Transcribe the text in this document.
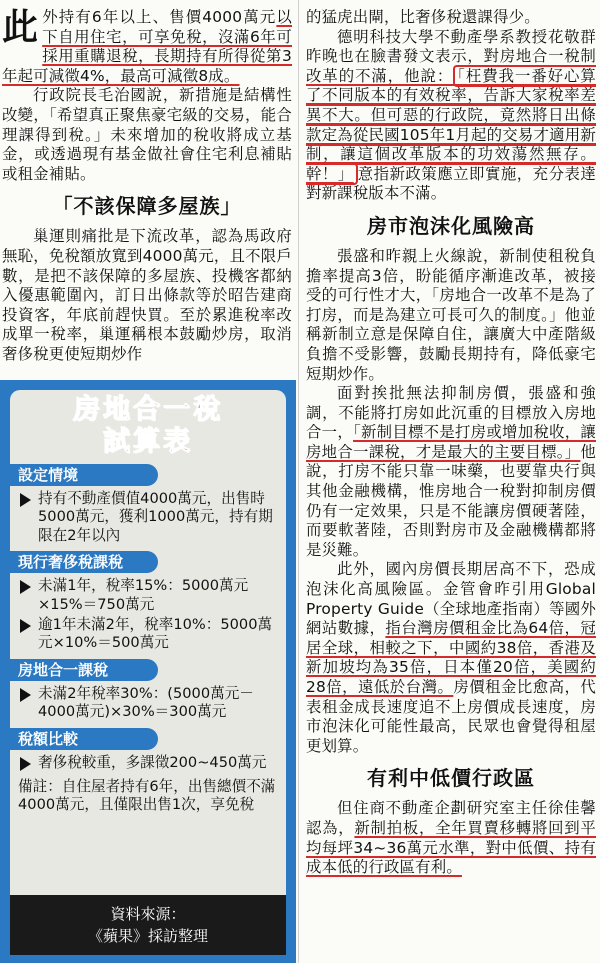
此外持有6年以上、售價4000萬元以下自用住宅，可享免稅，沒滿6年可採用重購退稅，長期持有所得從第3年起可減徵4%，最高可減徵8成。

行政院長毛治國說，新措施是結構性改變，「希望真正聚焦豪宅級的交易，能合理課得到稅。」未來增加的稅收將成立基金，或透過現有基金做社會住宅利息補貼或租金補貼。

「不該保障多屋族」

巢運則痛批是下流改革，認為馬政府無恥，免稅額放寬到4000萬元，且不限戶數，是把不該保障的多屋族、投機客都納入優惠範圍內，訂日出條款等於昭告建商投資客，年底前趕快買。至於累進稅率改成單一稅率，巢運稱根本鼓勵炒房，取消奢侈稅更使短期炒作

房地合一稅
試算表
設定情境
持有不動產價值4000萬元，出售時5000萬元，獲利1000萬元，持有期限在2年以內
現行奢侈稅課稅
未滿1年，稅率15%：5000萬元×15%＝750萬元
逾1年未滿2年，稅率10%：5000萬元×10%＝500萬元
房地合一課稅
未滿2年稅率30%：(5000萬元－4000萬元)×30%＝300萬元
稅額比較
奢侈稅較重，多課徵200~450萬元
備註：自住屋者持有6年，出售總價不滿4000萬元，且僅限出售1次，享免稅
資料來源：
《蘋果》採訪整理

的猛虎出閘，比奢侈稅還課得少。

德明科技大學不動產學系教授花敬群昨晚也在臉書發文表示，對房地合一稅制改革的不滿，他說： 「枉費我一番好心算了不同版本的有效稅率，告訴大家稅率差異不大。但可惡的行政院，竟然將日出條款定為從民國105年1月起的交易才適用新制，讓這個改革版本的功效蕩然無存。幹！」 意指新政策應立即實施，充分表達對新課稅版本不滿。

房市泡沫化風險高

張盛和昨親上火線說，新制使租稅負擔率提高3倍，盼能循序漸進改革，被接受的可行性才大，「房地合一改革不是為了打房，而是為建立可長可久的制度。」他並稱新制立意是保障自住，讓廣大中產階級負擔不受影響，鼓勵長期持有，降低豪宅短期炒作。

面對挨批無法抑制房價，張盛和強調，不能將打房如此沉重的目標放入房地合一，「新制目標不是打房或增加稅收，讓房地合一課稅，才是最大的主要目標。」他說，打房不能只靠一味藥，也要靠央行與其他金融機構，惟房地合一稅對抑制房價仍有一定效果，只是不能讓房價硬著陸，而要軟著陸，否則對房市及金融機構都將是災難。

此外，國內房價長期居高不下，恐成泡沫化高風險區。金管會昨引用Global Property Guide（全球地產指南）等國外網站數據，指台灣房價租金比為64倍，冠居全球，相較之下，中國約38倍，香港及新加坡均為35倍，日本僅20倍，美國約28倍，遠低於台灣。房價租金比愈高，代表租金成長速度追不上房價成長速度，房市泡沫化可能性最高，民眾也會覺得租屋更划算。

有利中低價行政區

但住商不動產企劃研究室主任徐佳馨認為，新制拍板，全年買賣移轉將回到平均每坪34~36萬元水準，對中低價、持有成本低的行政區有利。
